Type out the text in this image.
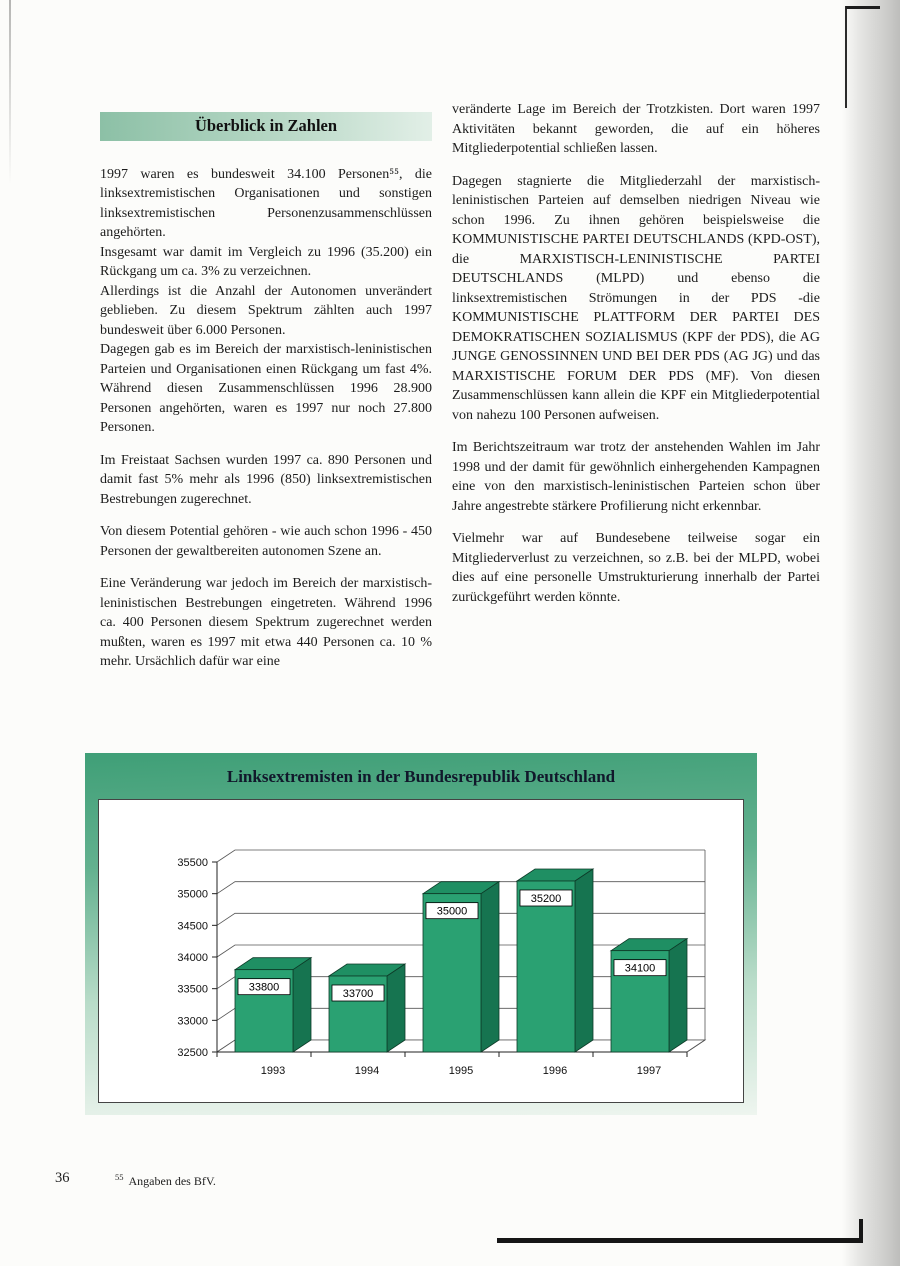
Überblick in Zahlen

1997 waren es bundesweit 34.100 Personen⁵⁵, die linksextremistischen Organisationen und sonstigen linksextremistischen Personenzusammenschlüssen angehörten.

Insgesamt war damit im Vergleich zu 1996 (35.200) ein Rückgang um ca. 3% zu verzeichnen.

Allerdings ist die Anzahl der Autonomen unverändert geblieben. Zu diesem Spektrum zählten auch 1997 bundesweit über 6.000 Personen.

Dagegen gab es im Bereich der marxistisch-leninistischen Parteien und Organisationen einen Rückgang um fast 4%. Während diesen Zusammenschlüssen 1996 28.900 Personen angehörten, waren es 1997 nur noch 27.800 Personen.

Im Freistaat Sachsen wurden 1997 ca. 890 Personen und damit fast 5% mehr als 1996 (850) linksextremistischen Bestrebungen zugerechnet.

Von diesem Potential gehören - wie auch schon 1996 - 450 Personen der gewaltbereiten autonomen Szene an.

Eine Veränderung war jedoch im Bereich der marxistisch-leninistischen Bestrebungen eingetreten. Während 1996 ca. 400 Personen diesem Spektrum zugerechnet werden mußten, waren es 1997 mit etwa 440 Personen ca. 10 % mehr. Ursächlich dafür war eine

veränderte Lage im Bereich der Trotzkisten. Dort waren 1997 Aktivitäten bekannt geworden, die auf ein höheres Mitgliederpotential schließen lassen.

Dagegen stagnierte die Mitgliederzahl der marxistisch-leninistischen Parteien auf demselben niedrigen Niveau wie schon 1996. Zu ihnen gehören beispielsweise die KOMMUNISTISCHE PARTEI DEUTSCHLANDS (KPD-OST), die MARXISTISCH-LENINISTISCHE PARTEI DEUTSCHLANDS (MLPD) und ebenso die linksextremistischen Strömungen in der PDS -die KOMMUNISTISCHE PLATTFORM DER PARTEI DES DEMOKRATISCHEN SOZIALISMUS (KPF der PDS), die AG JUNGE GENOSSINNEN UND BEI DER PDS (AG JG) und das MARXISTISCHE FORUM DER PDS (MF). Von diesen Zusammenschlüssen kann allein die KPF ein Mitgliederpotential von nahezu 100 Personen aufweisen.

Im Berichtszeitraum war trotz der anstehenden Wahlen im Jahr 1998 und der damit für gewöhnlich einhergehenden Kampagnen eine von den marxistisch-leninistischen Parteien schon über Jahre angestrebte stärkere Profilierung nicht erkennbar.

Vielmehr war auf Bundesebene teilweise sogar ein Mitgliederverlust zu verzeichnen, so z.B. bei der MLPD, wobei dies auf eine personelle Umstrukturierung innerhalb der Partei zurückgeführt werden könnte.

Linksextremisten in der Bundesrepublik Deutschland
32500
33000
33500
34000
34500
35000
35500
33800
1993
33700
1994
35000
1995
35200
1996
34100
1997
36	$^{55}$ Angaben des BfV.
